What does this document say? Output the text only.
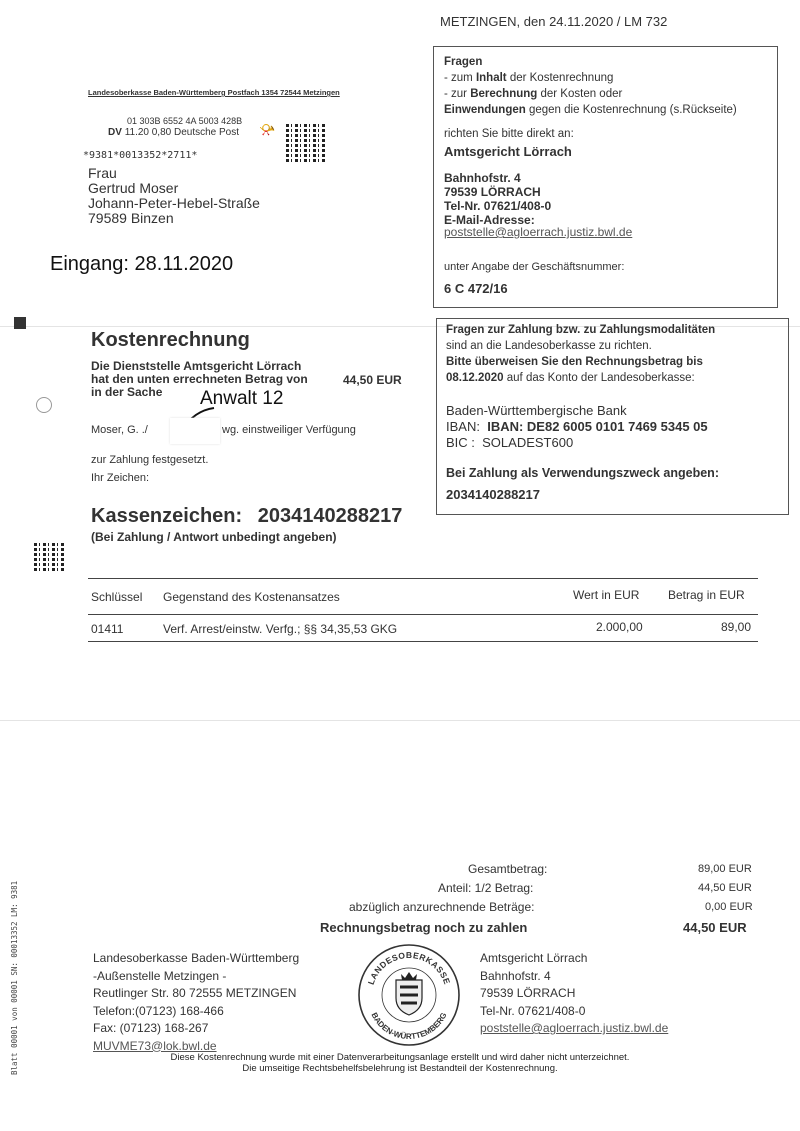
METZINGEN, den 24.11.2020 / LM 732
Landesoberkasse Baden-Württemberg Postfach 1354 72544 Metzingen
01 303B 6552 4A 5003 428B
DV 11.20 0,80 Deutsche Post 📯
*9381*0013352*2711*
Frau
Gertrud Moser
Johann-Peter-Hebel-Straße
79589 Binzen
Eingang: 28.11.2020
Fragen
- zum Inhalt der Kostenrechnung
- zur Berechnung der Kosten oder
Einwendungen gegen die Kostenrechnung (s.Rückseite)
richten Sie bitte direkt an:
Amtsgericht Lörrach
Bahnhofstr. 4
79539 LÖRRACH
Tel-Nr. 07621/408-0
E-Mail-Adresse:
poststelle@agloerrach.justiz.bwl.de
unter Angabe der Geschäftsnummer:
6 C 472/16
Kostenrechnung
Die Dienststelle Amtsgericht Lörrach
hat den unten errechneten Betrag von
in der Sache
44,50 EUR
Anwalt 12
Moser, G. ./	wg. einstweiliger Verfügung
zur Zahlung festgesetzt.
Ihr Zeichen:
Kassenzeichen: 2034140288217
(Bei Zahlung / Antwort unbedingt angeben)
Fragen zur Zahlung bzw. zu Zahlungsmodalitäten
sind an die Landesoberkasse zu richten.
Bitte überweisen Sie den Rechnungsbetrag bis
08.12.2020 auf das Konto der Landesoberkasse:
Baden-Württembergische Bank
IBAN: IBAN: DE82 6005 0101 7469 5345 05
BIC : SOLADEST600
Bei Zahlung als Verwendungszweck angeben:
2034140288217
Schlüssel Gegenstand des Kostenansatzes	Wert in EUR Betrag in EUR
01411	Verf. Arrest/einstw. Verfg.; §§ 34,35,53 GKG	2.000,00	89,00
Gesamtbetrag:	89,00 EUR
Anteil: 1/2 Betrag:	44,50 EUR
abzüglich anzurechnende Beträge:	0,00 EUR
Rechnungsbetrag noch zu zahlen	44,50 EUR
Landesoberkasse Baden-Württemberg
-Außenstelle Metzingen -
Reutlinger Str. 80 72555 METZINGEN
Telefon:(07123) 168-466
Fax: (07123) 168-267
MUVME73@lok.bwl.de
LANDESOBERKASSE
BADEN-WÜRTTEMBERG
Amtsgericht Lörrach
Bahnhofstr. 4
79539 LÖRRACH
Tel-Nr. 07621/408-0
poststelle@agloerrach.justiz.bwl.de
Diese Kostenrechnung wurde mit einer Datenverarbeitungsanlage erstellt und wird daher nicht unterzeichnet.
Die umseitige Rechtsbehelfsbelehrung ist Bestandteil der Kostenrechnung.
Blatt 00001 von 00001 SN: 00013352 LM: 9381
